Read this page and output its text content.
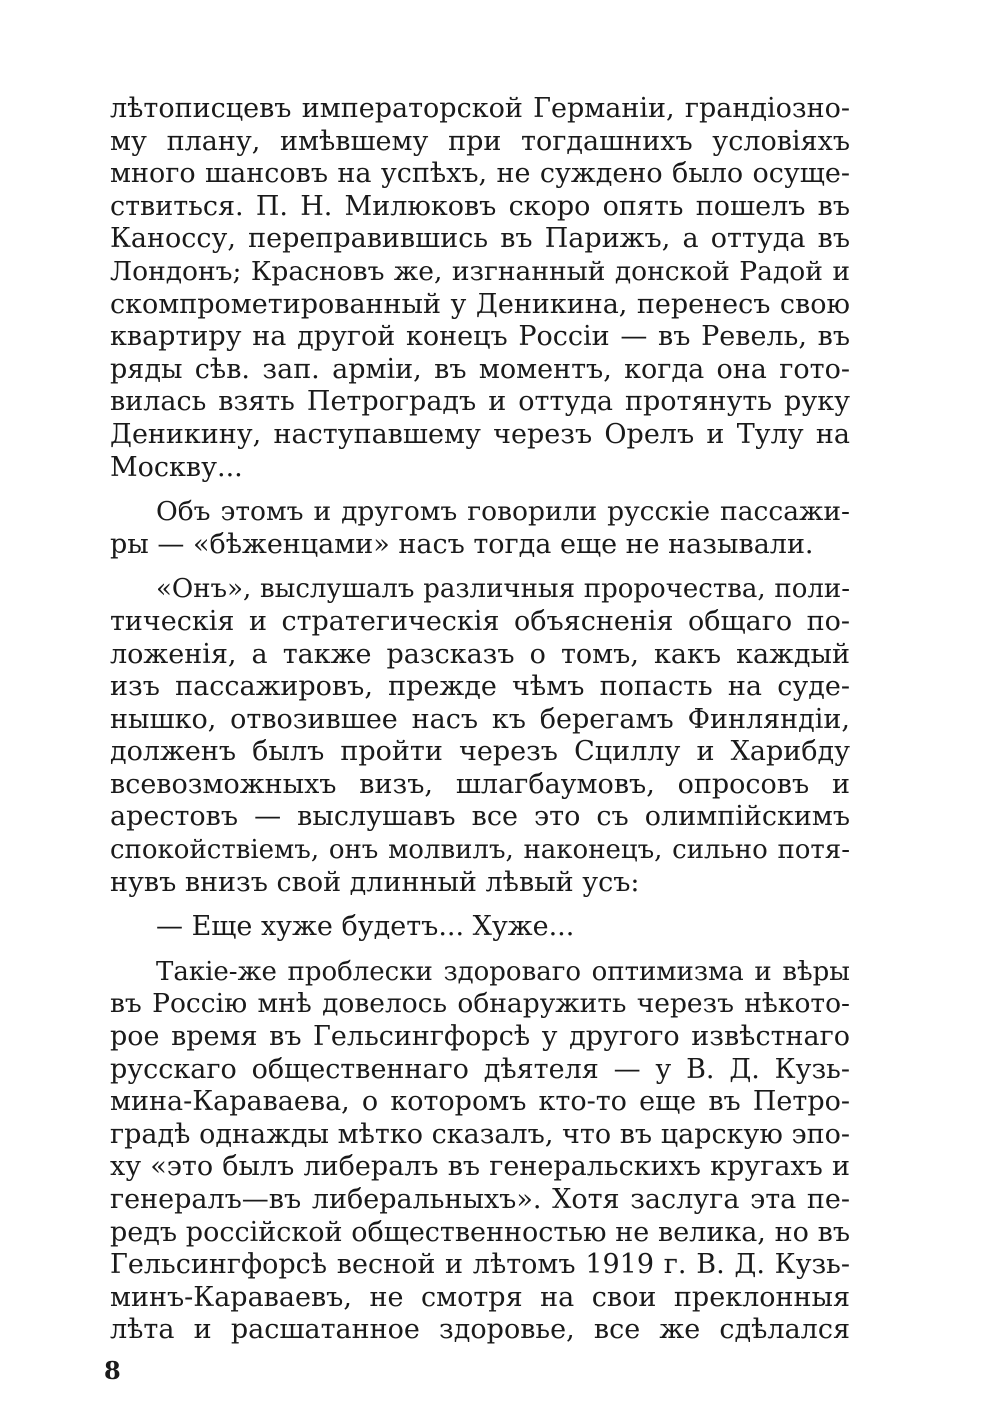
лѣтописцевъ императорской Германіи, грандіозно-
му плану, имѣвшему при тогдашнихъ условіяхъ
много шансовъ на успѣхъ, не суждено было осуще-
ствиться. П. Н. Милюковъ скоро опять пошелъ въ
Каноссу, переправившись въ Парижъ, а оттуда въ
Лондонъ; Красновъ же, изгнанный донской Радой и
скомпрометированный у Деникина, перенесъ свою
квартиру на другой конецъ Россіи — въ Ревель, въ
ряды сѣв. зап. арміи, въ моментъ, когда она гото-
вилась взять Петроградъ и оттуда протянуть руку
Деникину, наступавшему черезъ Орелъ и Тулу на
Москву...
Объ этомъ и другомъ говорили русскіе пассажи-
ры — «бѣженцами» насъ тогда еще не называли.
«Онъ», выслушалъ различныя пророчества, поли-
тическія и стратегическія объясненія общаго по-
ложенія, а также разсказъ о томъ, какъ каждый
изъ пассажировъ, прежде чѣмъ попасть на суде-
нышко, отвозившее насъ къ берегамъ Финляндіи,
долженъ былъ пройти черезъ Сциллу и Харибду
всевозможныхъ визъ, шлагбаумовъ, опросовъ и
арестовъ — выслушавъ все это съ олимпійскимъ
спокойствіемъ, онъ молвилъ, наконецъ, сильно потя-
нувъ внизъ свой длинный лѣвый усъ:
— Еще хуже будетъ... Хуже...
Такіе-же проблески здороваго оптимизма и вѣры
въ Россію мнѣ довелось обнаружить черезъ нѣкото-
рое время въ Гельсингфорсѣ у другого извѣстнаго
русскаго общественнаго дѣятеля — у В. Д. Кузь-
мина-Караваева, о которомъ кто-то еще въ Петро-
градѣ однажды мѣтко сказалъ, что въ царскую эпо-
ху «это былъ либералъ въ генеральскихъ кругахъ и
генералъ—въ либеральныхъ». Хотя заслуга эта пе-
редъ россійской общественностью не велика, но въ
Гельсингфорсѣ весной и лѣтомъ 1919 г. В. Д. Кузь-
минъ-Караваевъ, не смотря на свои преклонныя
лѣта и расшатанное здоровье, все же сдѣлался
8
